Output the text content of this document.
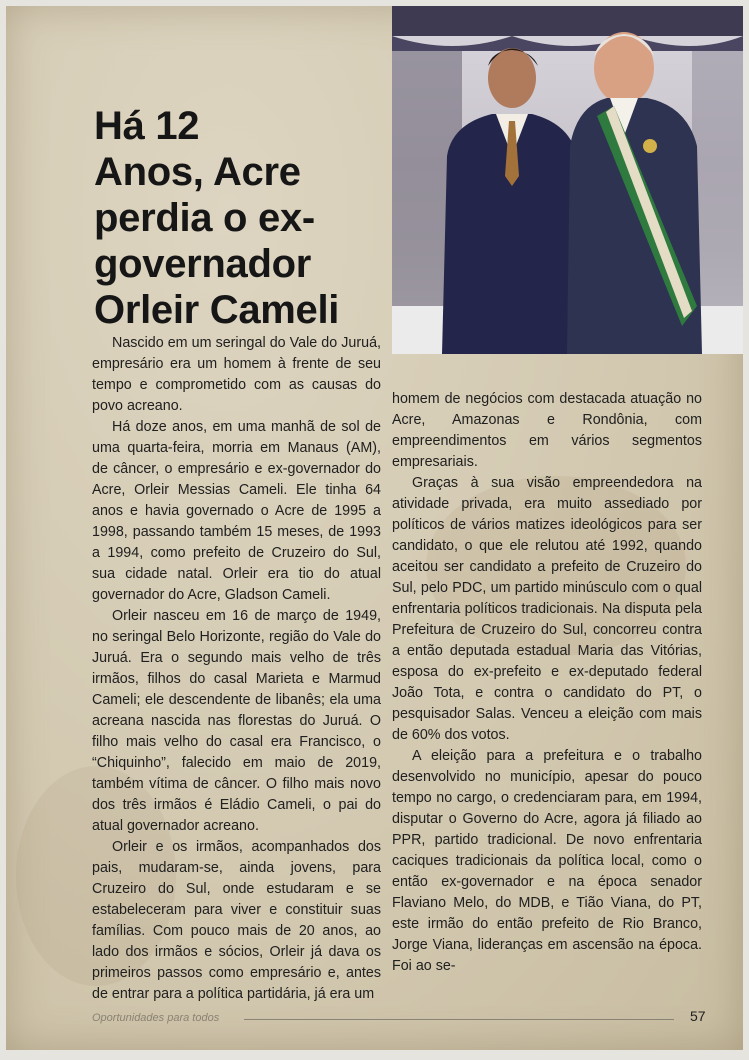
Há 12
Anos, Acre
perdia o ex-
governador
Orleir Cameli

Nascido em um seringal do Vale do Juruá, empresário era um homem à frente de seu tempo e comprometido com as causas do povo acreano.

Há doze anos, em uma manhã de sol de uma quarta-feira, morria em Manaus (AM), de câncer, o empresário e ex-governador do Acre, Orleir Messias Cameli. Ele tinha 64 anos e havia governado o Acre de 1995 a 1998, passando também 15 meses, de 1993 a 1994, como prefeito de Cruzeiro do Sul, sua cidade natal. Orleir era tio do atual governador do Acre, Gladson Cameli.

Orleir nasceu em 16 de março de 1949, no seringal Belo Horizonte, região do Vale do Juruá. Era o segundo mais velho de três irmãos, filhos do casal Marieta e Marmud Cameli; ele descendente de libanês; ela uma acreana nascida nas florestas do Juruá. O filho mais velho do casal era Francisco, o “Chiquinho”, falecido em maio de 2019, também vítima de câncer. O filho mais novo dos três irmãos é Eládio Cameli, o pai do atual governador acreano.

Orleir e os irmãos, acompanhados dos pais, mudaram-se, ainda jovens, para Cruzeiro do Sul, onde estudaram e se estabeleceram para viver e constituir suas famílias. Com pouco mais de 20 anos, ao lado dos irmãos e sócios, Orleir já dava os primeiros passos como empresário e, antes de entrar para a política partidária, já era um

homem de negócios com destacada atuação no Acre, Amazonas e Rondônia, com empreendimentos em vários segmentos empresariais.

Graças à sua visão empreendedora na atividade privada, era muito assediado por políticos de vários matizes ideológicos para ser candidato, o que ele relutou até 1992, quando aceitou ser candidato a prefeito de Cruzeiro do Sul, pelo PDC, um partido minúsculo com o qual enfrentaria políticos tradicionais. Na disputa pela Prefeitura de Cruzeiro do Sul, concorreu contra a então deputada estadual Maria das Vitórias, esposa do ex-prefeito e ex-deputado federal João Tota, e contra o candidato do PT, o pesquisador Salas. Venceu a eleição com mais de 60% dos votos.

A eleição para a prefeitura e o trabalho desenvolvido no município, apesar do pouco tempo no cargo, o credenciaram para, em 1994, disputar o Governo do Acre, agora já filiado ao PPR, partido tradicional. De novo enfrentaria caciques tradicionais da política local, como o então ex-governador e na época senador Flaviano Melo, do MDB, e Tião Viana, do PT, este irmão do então prefeito de Rio Branco, Jorge Viana, lideranças em ascensão na época. Foi ao se-

Oportunidades para todos	57
